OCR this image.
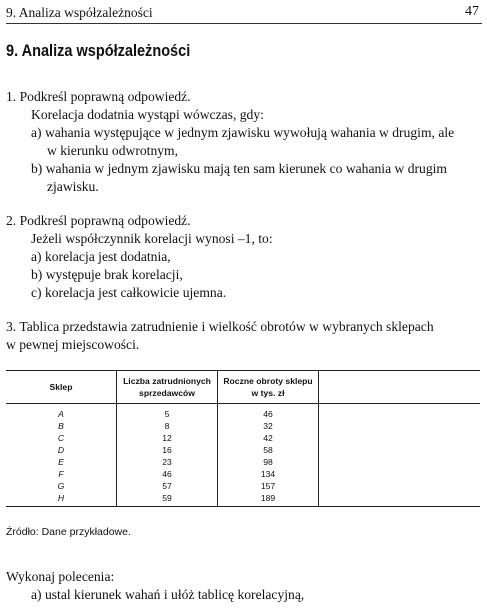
9. Analiza współzależności	47
9. Analiza współzależności
1. Podkreśl poprawną odpowiedź.
Korelacja dodatnia wystąpi wówczas, gdy:
a) wahania występujące w jednym zjawisku wywołują wahania w drugim, ale
w kierunku odwrotnym,
b) wahania w jednym zjawisku mają ten sam kierunek co wahania w drugim
zjawisku.
2. Podkreśl poprawną odpowiedź.
Jeżeli współczynnik korelacji wynosi –1, to:
a) korelacja jest dodatnia,
b) występuje brak korelacji,
c) korelacja jest całkowicie ujemna.
3. Tablica przedstawia zatrudnienie i wielkość obrotów w wybranych sklepach
w pewnej miejscowości.
Sklep	Liczba zatrudnionych sprzedawców	Roczne obroty sklepu w tys. zł	
A	5	46	
B	8	32	
C	12	42	
D	16	58	
E	23	98	
F	46	134	
G	57	157	
H	59	189	
Źródło: Dane przykładowe.
Wykonaj polecenia:
a) ustal kierunek wahań i ułóż tablicę korelacyjną,
